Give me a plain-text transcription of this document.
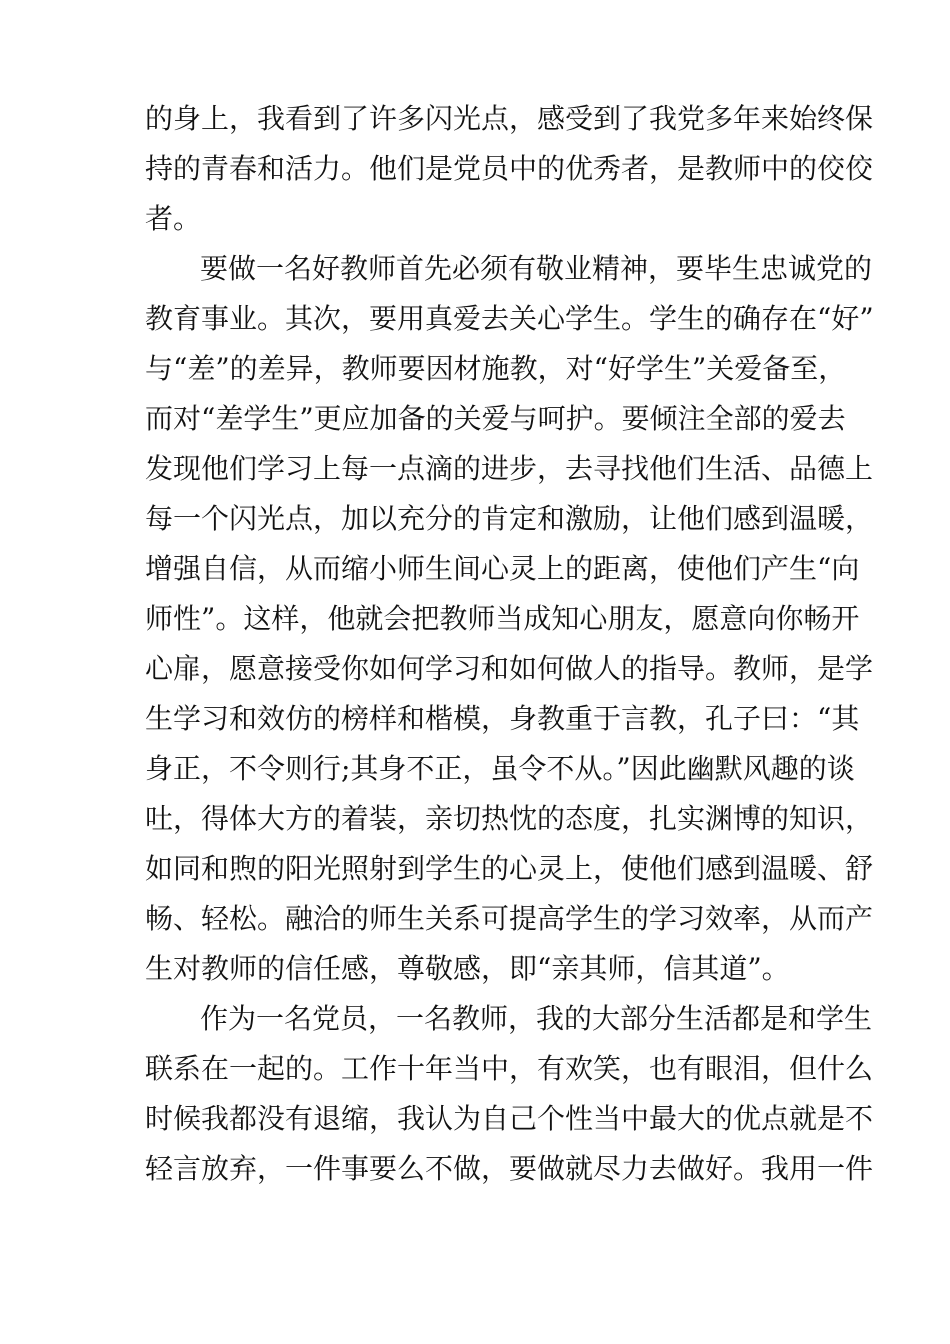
的身上，我看到了许多闪光点，感受到了我党多年来始终保
持的青春和活力。他们是党员中的优秀者，是教师中的佼佼
者。
要做一名好教师首先必须有敬业精神，要毕生忠诚党的
教育事业。其次，要用真爱去关心学生。学生的确存在“好”
与“差”的差异，教师要因材施教，对“好学生”关爱备至，
而对“差学生”更应加备的关爱与呵护。要倾注全部的爱去
发现他们学习上每一点滴的进步，去寻找他们生活、品德上
每一个闪光点，加以充分的肯定和激励，让他们感到温暖，
增强自信，从而缩小师生间心灵上的距离，使他们产生“向
师性”。这样，他就会把教师当成知心朋友，愿意向你畅开
心扉，愿意接受你如何学习和如何做人的指导。教师，是学
生学习和效仿的榜样和楷模，身教重于言教，孔子曰：“其
身正，不令则行;其身不正，虽令不从。”因此幽默风趣的谈
吐，得体大方的着装，亲切热忱的态度，扎实渊博的知识，
如同和煦的阳光照射到学生的心灵上，使他们感到温暖、舒
畅、轻松。融洽的师生关系可提高学生的学习效率，从而产
生对教师的信任感，尊敬感，即“亲其师，信其道”。
作为一名党员，一名教师，我的大部分生活都是和学生
联系在一起的。工作十年当中，有欢笑，也有眼泪，但什么
时候我都没有退缩，我认为自己个性当中最大的优点就是不
轻言放弃，一件事要么不做，要做就尽力去做好。我用一件
